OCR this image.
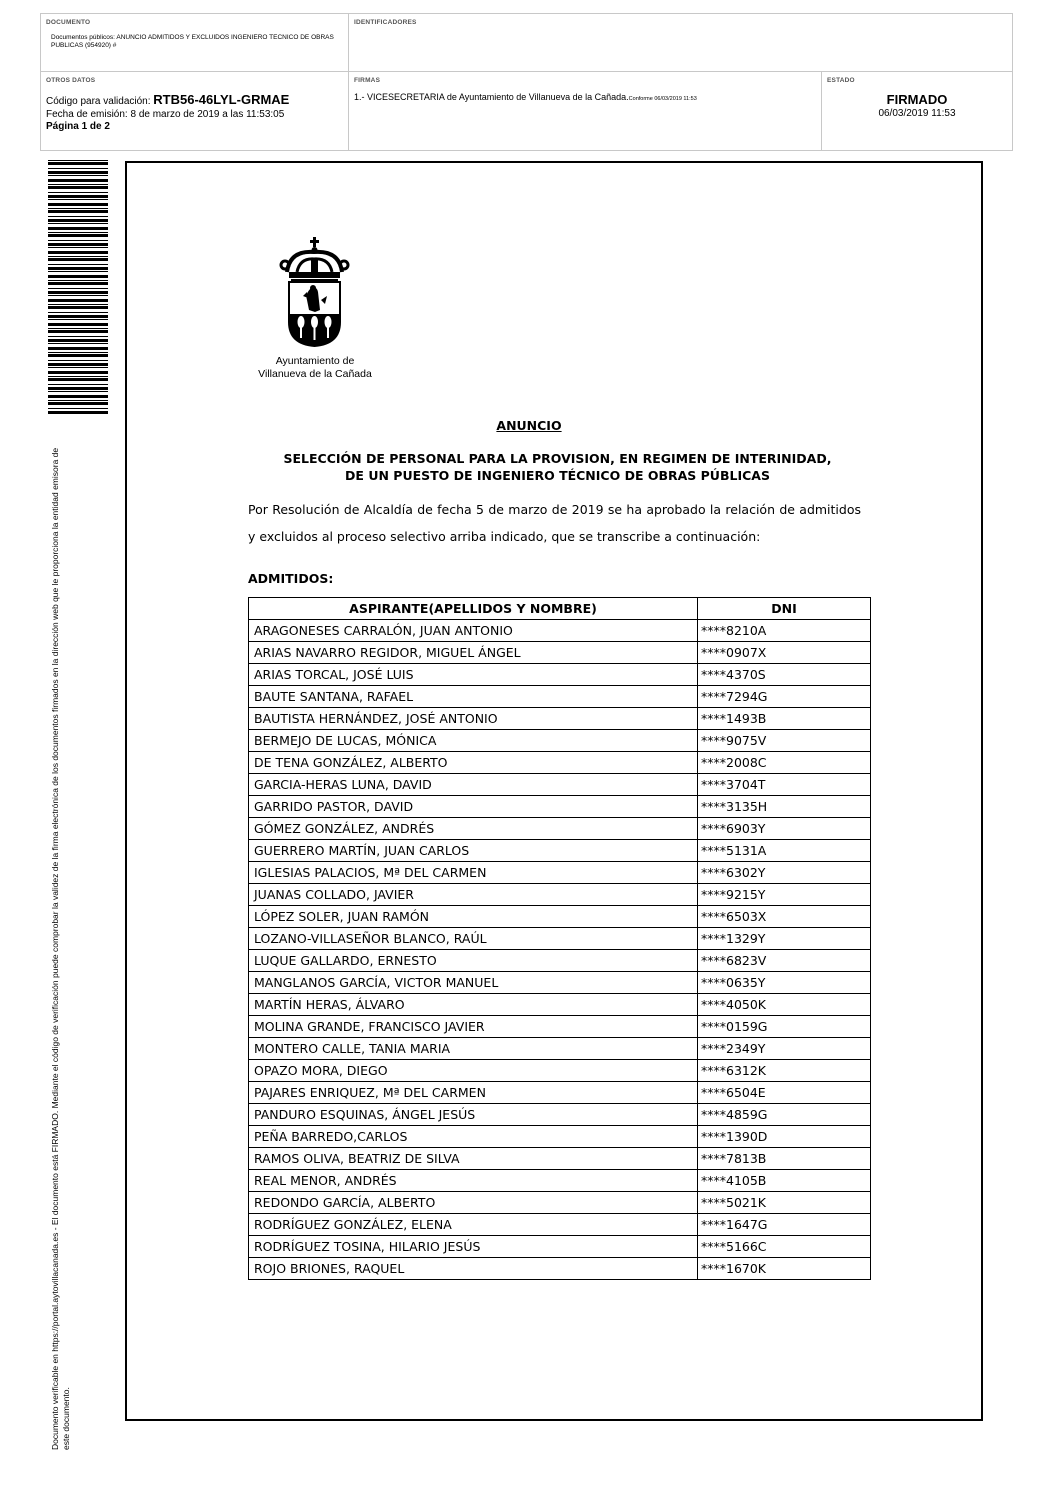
DOCUMENTO
Documentos públicos: ANUNCIO ADMITIDOS Y EXCLUIDOS INGENIERO TECNICO DE OBRAS PUBLICAS (954920) #
IDENTIFICADORES
OTROS DATOS
Código para validación: RTB56-46LYL-GRMAE
Fecha de emisión: 8 de marzo de 2019 a las 11:53:05
Página 1 de 2
FIRMAS
1.- VICESECRETARIA de Ayuntamiento de Villanueva de la Cañada.Conforme 06/03/2019 11:53
ESTADO
FIRMADO
06/03/2019 11:53
Documento verificable en https://portal.aytovillacanada.es - El documento está FIRMADO. Mediante el código de verificación puede comprobar la validez de la firma electrónica de los documentos firmados en la dirección web que le proporciona la entidad emisora de este documento.
Ayuntamiento de
Villanueva de la Cañada
ANUNCIO
SELECCIÓN DE PERSONAL PARA LA PROVISION, EN REGIMEN DE INTERINIDAD,
DE UN PUESTO DE INGENIERO TÉCNICO DE OBRAS PÚBLICAS
Por Resolución de Alcaldía de fecha 5 de marzo de 2019 se ha aprobado la relación de admitidos y excluidos al proceso selectivo arriba indicado, que se transcribe a continuación:
ADMITIDOS:
ASPIRANTE(APELLIDOS Y NOMBRE)	DNI
ARAGONESES CARRALÓN, JUAN ANTONIO	****8210A
ARIAS NAVARRO REGIDOR, MIGUEL ÁNGEL	****0907X
ARIAS TORCAL, JOSÉ LUIS	****4370S
BAUTE SANTANA, RAFAEL	****7294G
BAUTISTA HERNÁNDEZ, JOSÉ ANTONIO	****1493B
BERMEJO DE LUCAS, MÓNICA	****9075V
DE TENA GONZÁLEZ, ALBERTO	****2008C
GARCIA-HERAS LUNA, DAVID	****3704T
GARRIDO PASTOR, DAVID	****3135H
GÓMEZ GONZÁLEZ, ANDRÉS	****6903Y
GUERRERO MARTÍN, JUAN CARLOS	****5131A
IGLESIAS PALACIOS, Mª DEL CARMEN	****6302Y
JUANAS COLLADO, JAVIER	****9215Y
LÓPEZ SOLER, JUAN RAMÓN	****6503X
LOZANO-VILLASEÑOR BLANCO, RAÚL	****1329Y
LUQUE GALLARDO, ERNESTO	****6823V
MANGLANOS GARCÍA, VICTOR MANUEL	****0635Y
MARTÍN HERAS, ÁLVARO	****4050K
MOLINA GRANDE, FRANCISCO JAVIER	****0159G
MONTERO CALLE, TANIA MARIA	****2349Y
OPAZO MORA, DIEGO	****6312K
PAJARES ENRIQUEZ, Mª DEL CARMEN	****6504E
PANDURO ESQUINAS, ÁNGEL JESÚS	****4859G
PEÑA BARREDO,CARLOS	****1390D
RAMOS OLIVA, BEATRIZ DE SILVA	****7813B
REAL MENOR, ANDRÉS	****4105B
REDONDO GARCÍA, ALBERTO	****5021K
RODRÍGUEZ GONZÁLEZ, ELENA	****1647G
RODRÍGUEZ TOSINA, HILARIO JESÚS	****5166C
ROJO BRIONES, RAQUEL	****1670K
